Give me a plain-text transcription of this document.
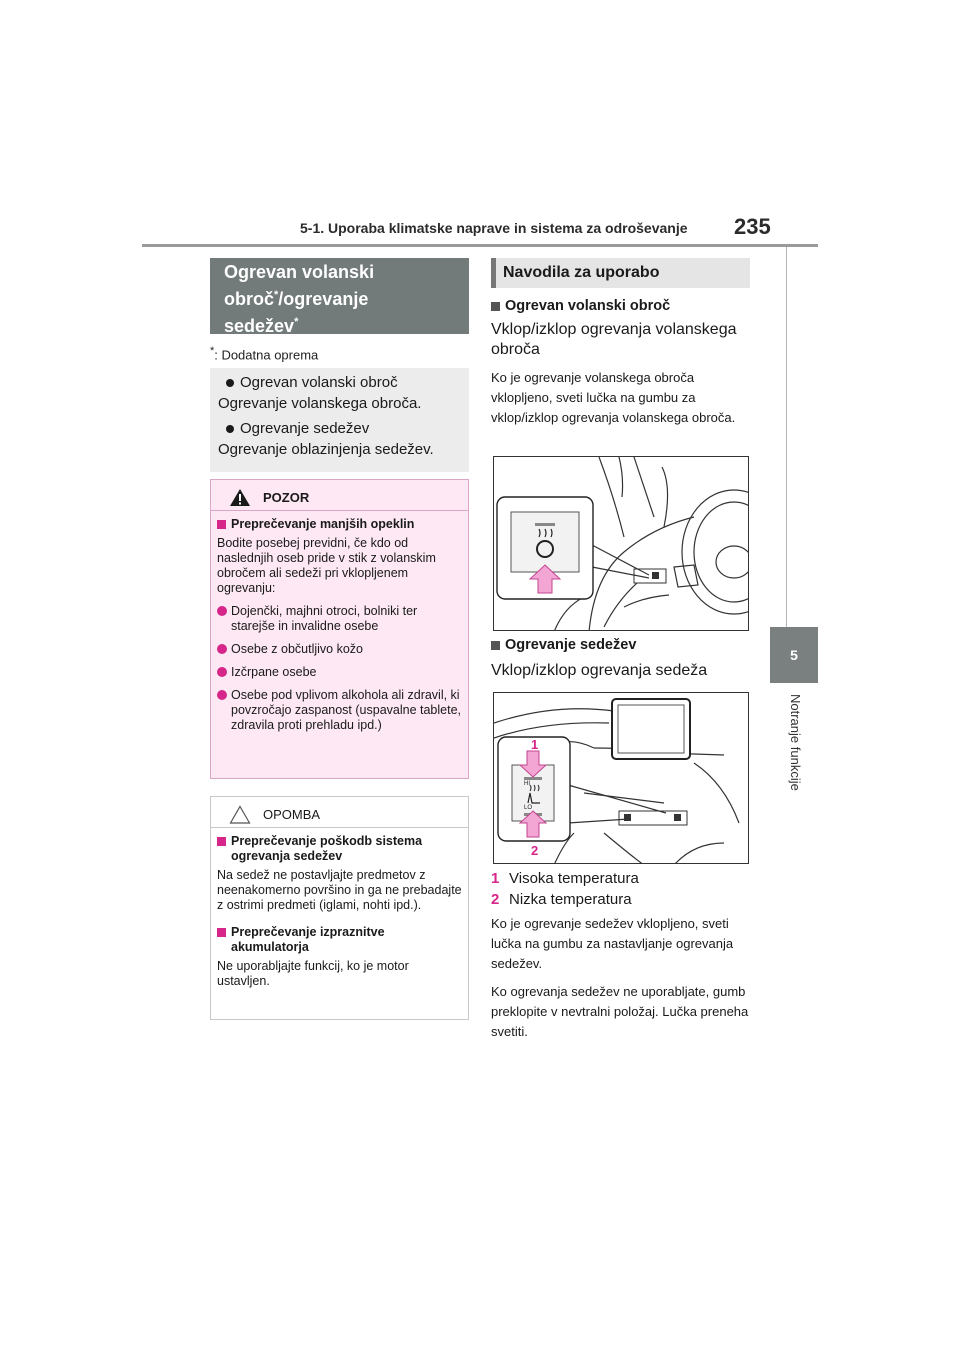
5-1. Uporaba klimatske naprave in sistema za odroševanje 235
5
Notranje funkcije
Ogrevan volanski
obroč*/ogrevanje
sedežev*
*: Dodatna oprema
Ogrevan volanski obroč
Ogrevanje volanskega obroča.
Ogrevanje sedežev
Ogrevanje oblazinjenja sedežev.
POZOR
Preprečevanje manjših opeklin
Bodite posebej previdni, če kdo od naslednjih oseb pride v stik z volanskim obročem ali sedeži pri vklopljenem ogrevanju:
Dojenčki, majhni otroci, bolniki ter starejše in invalidne osebe
Osebe z občutljivo kožo
Izčrpane osebe
Osebe pod vplivom alkohola ali zdravil, ki povzročajo zaspanost (uspavalne tablete, zdravila proti prehladu ipd.)
OPOMBA
Preprečevanje poškodb sistema ogrevanja sedežev
Na sedež ne postavljajte predmetov z neenakomerno površino in ga ne prebadajte z ostrimi predmeti (iglami, nohti ipd.).
Preprečevanje izpraznitve akumulatorja
Ne uporabljajte funkcij, ko je motor ustavljen.
Navodila za uporabo
Ogrevan volanski obroč
Vklop/izklop ogrevanja volanskega obroča
Ko je ogrevanje volanskega obroča vklopljeno, sveti lučka na gumbu za vklop/izklop ogrevanja volanskega obroča.
Ogrevanje sedežev
Vklop/izklop ogrevanja sedeža
1
2
HI
LO
1 Visoka temperatura
2 Nizka temperatura
Ko je ogrevanje sedežev vklopljeno, sveti lučka na gumbu za nastavljanje ogrevanja sedežev.
Ko ogrevanja sedežev ne uporabljate, gumb preklopite v nevtralni položaj. Lučka preneha svetiti.
